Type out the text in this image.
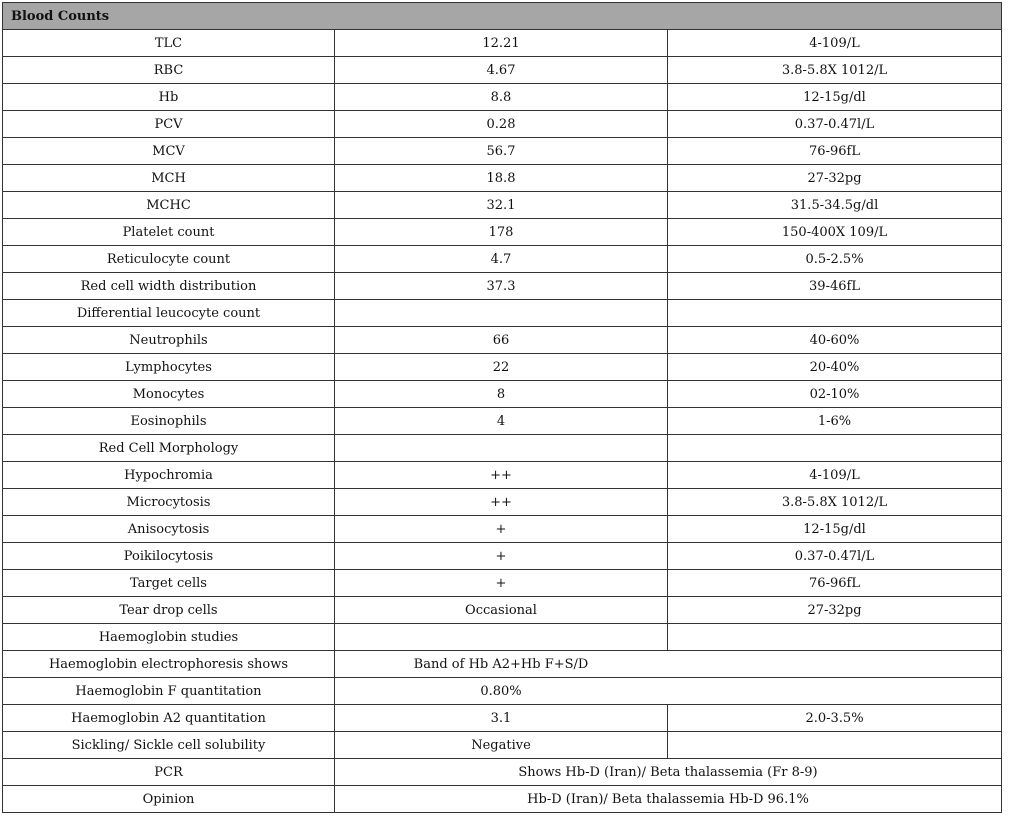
Blood Counts		
TLC	12.21	4-109/L
RBC	4.67	3.8-5.8X 1012/L
Hb	8.8	12-15g/dl
PCV	0.28	0.37-0.47l/L
MCV	56.7	76-96fL
MCH	18.8	27-32pg
MCHC	32.1	31.5-34.5g/dl
Platelet count	178	150-400X 109/L
Reticulocyte count	4.7	0.5-2.5%
Red cell width distribution	37.3	39-46fL
Differential leucocyte count		
Neutrophils	66	40-60%
Lymphocytes	22	20-40%
Monocytes	8	02-10%
Eosinophils	4	1-6%
Red Cell Morphology		
Hypochromia	++	4-109/L
Microcytosis	++	3.8-5.8X 1012/L
Anisocytosis	+	12-15g/dl
Poikilocytosis	+	0.37-0.47l/L
Target cells	+	76-96fL
Tear drop cells	Occasional	27-32pg
Haemoglobin studies		
Haemoglobin electrophoresis shows	Band of Hb A2+Hb F+S/D	
Haemoglobin F quantitation	0.80%	
Haemoglobin A2 quantitation	3.1	2.0-3.5%
Sickling/ Sickle cell solubility	Negative	
PCR	Shows Hb-D (Iran)/ Beta thalassemia (Fr 8-9)	
Opinion	Hb-D (Iran)/ Beta thalassemia Hb-D 96.1%	
